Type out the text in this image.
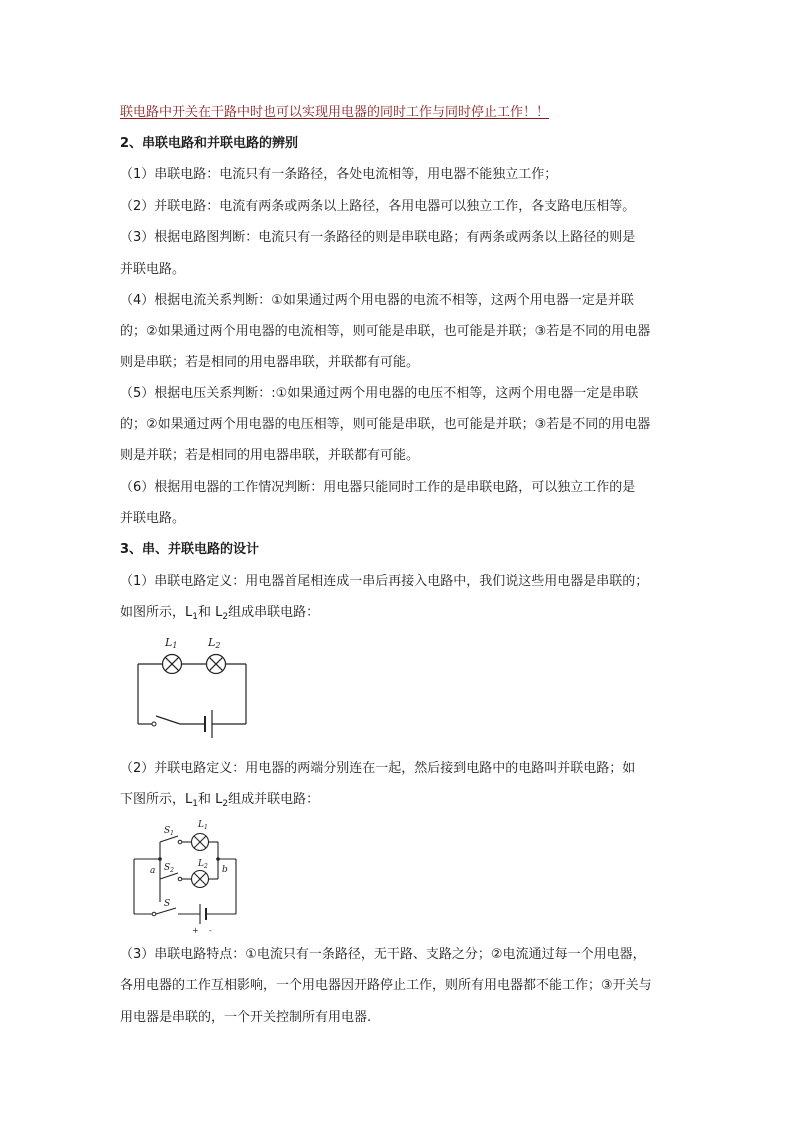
联电路中开关在干路中时也可以实现用电器的同时工作与同时停止工作！！
2、串联电路和并联电路的辨别
（1）串联电路：电流只有一条路径，各处电流相等，用电器不能独立工作；
（2）并联电路：电流有两条或两条以上路径，各用电器可以独立工作，各支路电压相等。
（3）根据电路图判断：电流只有一条路径的则是串联电路；有两条或两条以上路径的则是
并联电路。
（4）根据电流关系判断：①如果通过两个用电器的电流不相等，这两个用电器一定是并联
的；②如果通过两个用电器的电流相等，则可能是串联，也可能是并联；③若是不同的用电器
则是串联；若是相同的用电器串联，并联都有可能。
（5）根据电压关系判断：:①如果通过两个用电器的电压不相等，这两个用电器一定是串联
的；②如果通过两个用电器的电压相等，则可能是串联，也可能是并联；③若是不同的用电器
则是并联；若是相同的用电器串联，并联都有可能。
（6）根据用电器的工作情况判断：用电器只能同时工作的是串联电路，可以独立工作的是
并联电路。
3、串、并联电路的设计
（1）串联电路定义：用电器首尾相连成一串后再接入电路中，我们说这些用电器是串联的；
如图所示，$L_1$和 $L_2$组成串联电路：
L1	L2
（2）并联电路定义：用电器的两端分别连在一起，然后接到电路中的电路叫并联电路；如
下图所示，$L_1$和 $L_2$组成并联电路：
$S_1$
$L_1$
$S_2$
$L_2$
a	b
S
+ -
（3）串联电路特点：①电流只有一条路径，无干路、支路之分；②电流通过每一个用电器，
各用电器的工作互相影响，一个用电器因开路停止工作，则所有用电器都不能工作；③开关与
用电器是串联的，一个开关控制所有用电器.
